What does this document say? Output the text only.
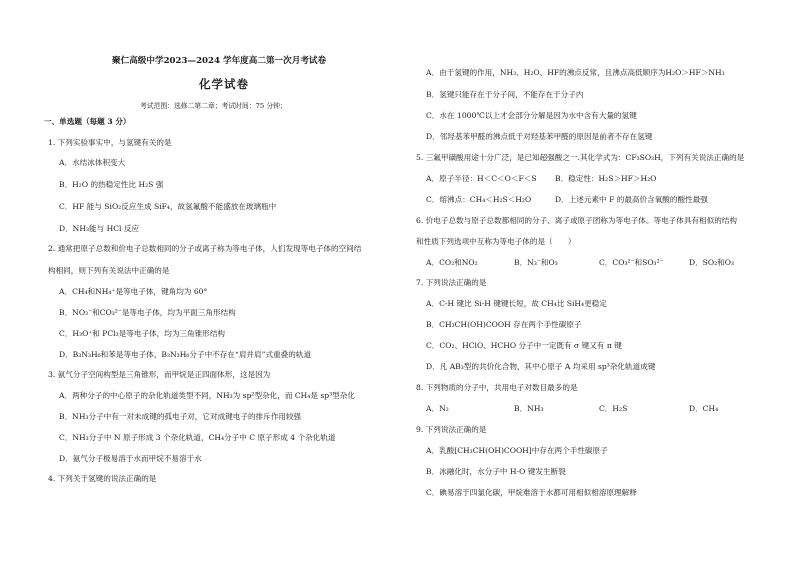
聚仁高级中学2023—2024 学年度高二第一次月考试卷
化学试卷
考试范围：选修二第二章；考试时间：75 分钟；
一、单选题（每题 3 分）
1. 下列实验事实中，与氢键有关的是
A．水结冰体积变大
B．H₂O 的热稳定性比 H₂S 强
C．HF 能与 SiO₂反应生成 SiF₄，故氢氟酸不能盛放在玻璃瓶中
D．NH₃能与 HCl 反应
2. 通常把原子总数和价电子总数相同的分子或离子称为等电子体，人们发现等电子体的空间结
构相同，则下列有关说法中正确的是
A．CH₄和NH₄⁺是等电子体，键角均为 60°
B．NO₃⁻和CO₃²⁻是等电子体，均为平面三角形结构
C．H₃O⁺和 PCl₃是等电子体，均为三角锥形结构
D．B₃N₃H₆和苯是等电子体，B₃N₃H₆分子中不存在“肩并肩”式重叠的轨道
3. 氨气分子空间构型是三角锥形，而甲烷是正四面体形，这是因为
A．两种分子的中心原子的杂化轨道类型不同，NH₃为 sp²型杂化，而 CH₄是 sp³型杂化
B．NH₃分子中有一对未成键的孤电子对，它对成键电子的排斥作用较强
C．NH₃分子中 N 原子形成 3 个杂化轨道，CH₄分子中 C 原子形成 4 个杂化轨道
D．氨气分子极易溶于水而甲烷不易溶于水
4. 下列关于氢键的说法正确的是
A．由于氢键的作用，NH₃、H₂O、HF的沸点反常，且沸点高低顺序为H₂O＞HF＞NH₃
B．氢键只能存在于分子间，不能存在于分子内
C．水在 1000℃以上才会部分分解是因为水中含有大量的氢键
D．邻羟基苯甲醛的沸点低于对羟基苯甲醛的原因是前者不存在氢键
5. 三氟甲磺酸用途十分广泛，是已知超强酸之一.其化学式为：CF₃SO₃H，下列有关说法正确的是
A．原子半径：H＜C＜O＜F＜S B．稳定性：H₂S＞HF＞H₂O
C．熔沸点：CH₄＜H₂S＜H₂O	D．上述元素中 F 的最高价含氧酸的酸性最强
6. 价电子总数与原子总数都相同的分子、离子或原子团称为等电子体。等电子体具有相似的结构
和性质下列选项中互称为等电子体的是（　　）
A．CO₂和NO₂	B．N₃⁻和O₃	C．CO₃²⁻和SO₃²⁻	D．SO₂和O₃
7. 下列说法正确的是
A．C-H 键比 Si-H 键键长短，故 CH₄比 SiH₄更稳定
B．CH₃CH(OH)COOH 存在两个手性碳原子
C．CO₂、HClO、HCHO 分子中一定既有 σ 键又有 π 键
D．凡 AB₃型的共价化合物，其中心原子 A 均采用 sp³杂化轨道成键
8. 下列物质的分子中，共用电子对数目最多的是
A．N₂	B．NH₃	C．H₂S	D．CH₄
9. 下列说法正确的是
A．乳酸[CH₃CH(OH)COOH]中存在两个手性碳原子
B．冰融化时，水分子中 H-O 键发生断裂
C．碘易溶于四氯化碳，甲烷难溶于水都可用相似相溶原理解释
